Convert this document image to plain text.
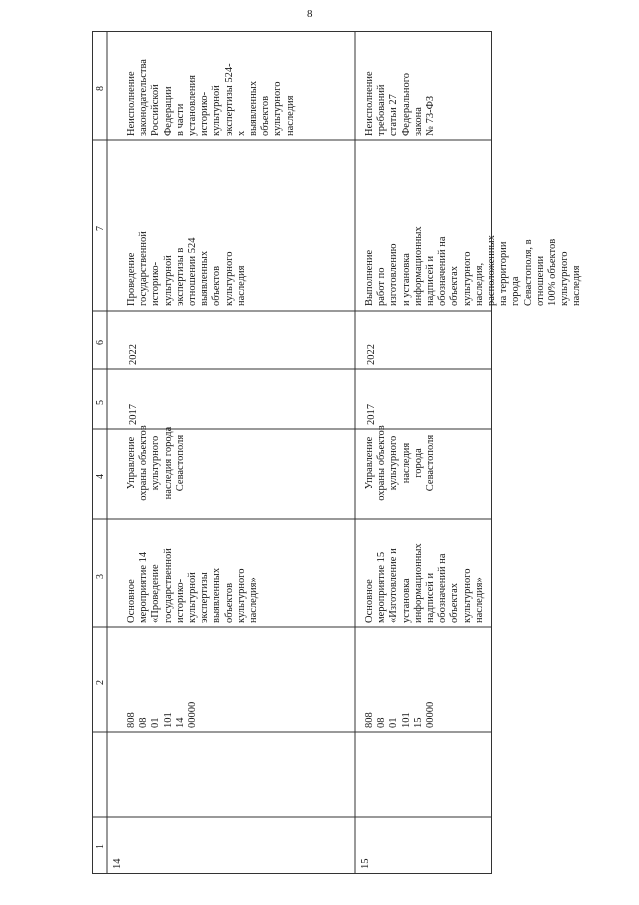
8
8
7
6
5
4
3
2
1
Неисполнение
законодательства
Российской Федерации
в части установления
историко-культурной
экспертизы 524-х
выявленных объектов
культурного наследия
Проведение государственной
историко-культурной экспертизы в
отношении 524 выявленных
объектов культурного наследия
2022
2017
Управление
охраны объектов
культурного
наследия города
Севастополя
Основное
мероприятие 14
«Проведение
государственной
историко-
культурной
экспертизы
выявленных
объектов
культурного
наследия»
808 08
01 101 14
00000
14
Неисполнение
требований статьи 27
Федерального закона
№ 73-ФЗ
Выполнение работ по изготовлению
и установка информационных
надписей и обозначений на
объектах культурного наследия,
расположенных на территории
города Севастополя, в отношении
100% объектов культурного
наследия
2022
2017
Управление
охраны объектов
культурного
наследия
города
Севастополя
Основное
мероприятие 15
«Изготовление и
установка
информационных
надписей и
обозначений на
объектах
культурного
наследия»
808 08
01 101 15
00000
15
